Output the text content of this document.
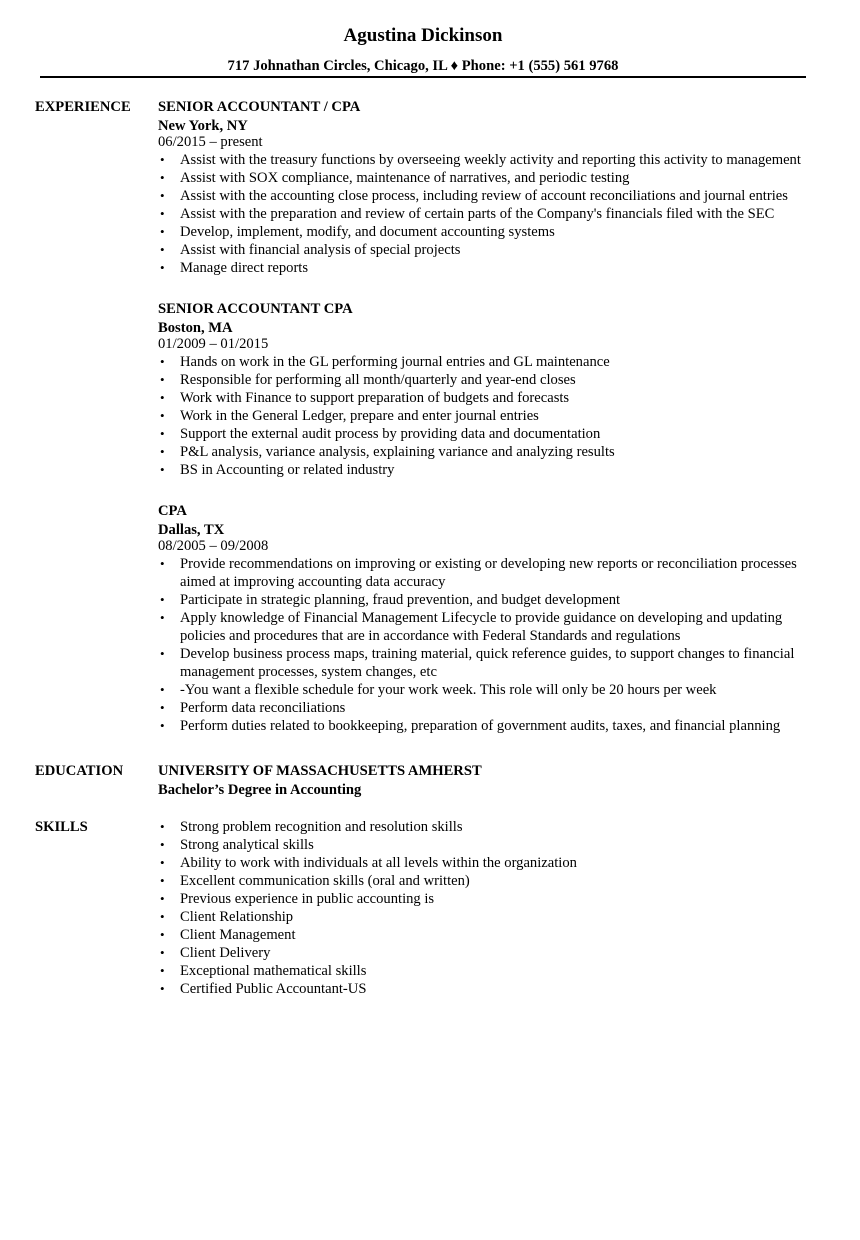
Agustina Dickinson
717 Johnathan Circles, Chicago, IL ♦ Phone: +1 (555) 561 9768
EXPERIENCE SENIOR ACCOUNTANT / CPA
New York, NY
06/2015 – present
• Assist with the treasury functions by overseeing weekly activity and reporting this activity to management
• Assist with SOX compliance, maintenance of narratives, and periodic testing
• Assist with the accounting close process, including review of account reconciliations and journal entries
• Assist with the preparation and review of certain parts of the Company's financials filed with the SEC
• Develop, implement, modify, and document accounting systems
• Assist with financial analysis of special projects
• Manage direct reports
SENIOR ACCOUNTANT CPA
Boston, MA
01/2009 – 01/2015
• Hands on work in the GL performing journal entries and GL maintenance
• Responsible for performing all month/quarterly and year-end closes
• Work with Finance to support preparation of budgets and forecasts
• Work in the General Ledger, prepare and enter journal entries
• Support the external audit process by providing data and documentation
• P&L analysis, variance analysis, explaining variance and analyzing results
• BS in Accounting or related industry
CPA
Dallas, TX
08/2005 – 09/2008
• Provide recommendations on improving or existing or developing new reports or reconciliation processes aimed at improving accounting data accuracy
• Participate in strategic planning, fraud prevention, and budget development
• Apply knowledge of Financial Management Lifecycle to provide guidance on developing and updating policies and procedures that are in accordance with Federal Standards and regulations
• Develop business process maps, training material, quick reference guides, to support changes to financial management processes, system changes, etc
• -You want a flexible schedule for your work week. This role will only be 20 hours per week
• Perform data reconciliations
• Perform duties related to bookkeeping, preparation of government audits, taxes, and financial planning
EDUCATION UNIVERSITY OF MASSACHUSETTS AMHERST
Bachelor’s Degree in Accounting
SKILLS
•	Strong problem recognition and resolution skills
• Strong analytical skills
• Ability to work with individuals at all levels within the organization
• Excellent communication skills (oral and written)
• Previous experience in public accounting is
• Client Relationship
• Client Management
• Client Delivery
• Exceptional mathematical skills
• Certified Public Accountant-US
